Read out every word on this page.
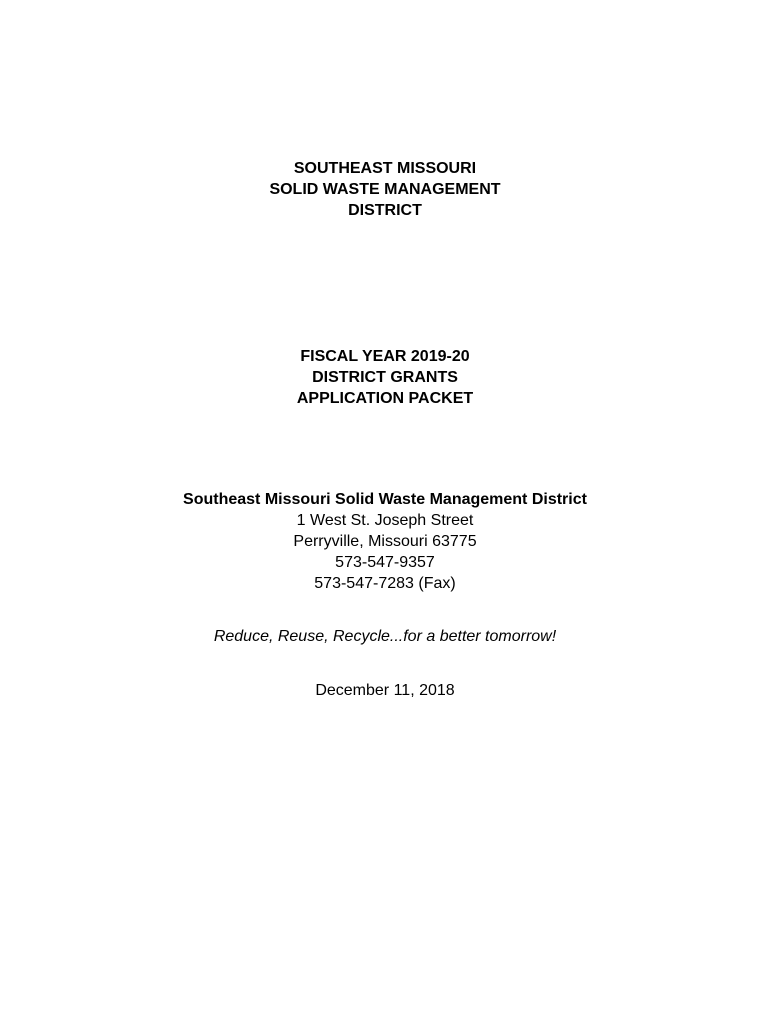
SOUTHEAST MISSOURI
SOLID WASTE MANAGEMENT
DISTRICT
FISCAL YEAR 2019-20
DISTRICT GRANTS
APPLICATION PACKET
Southeast Missouri Solid Waste Management District
1 West St. Joseph Street
Perryville, Missouri 63775
573-547-9357
573-547-7283 (Fax)
Reduce, Reuse, Recycle...for a better tomorrow!
December 11, 2018
